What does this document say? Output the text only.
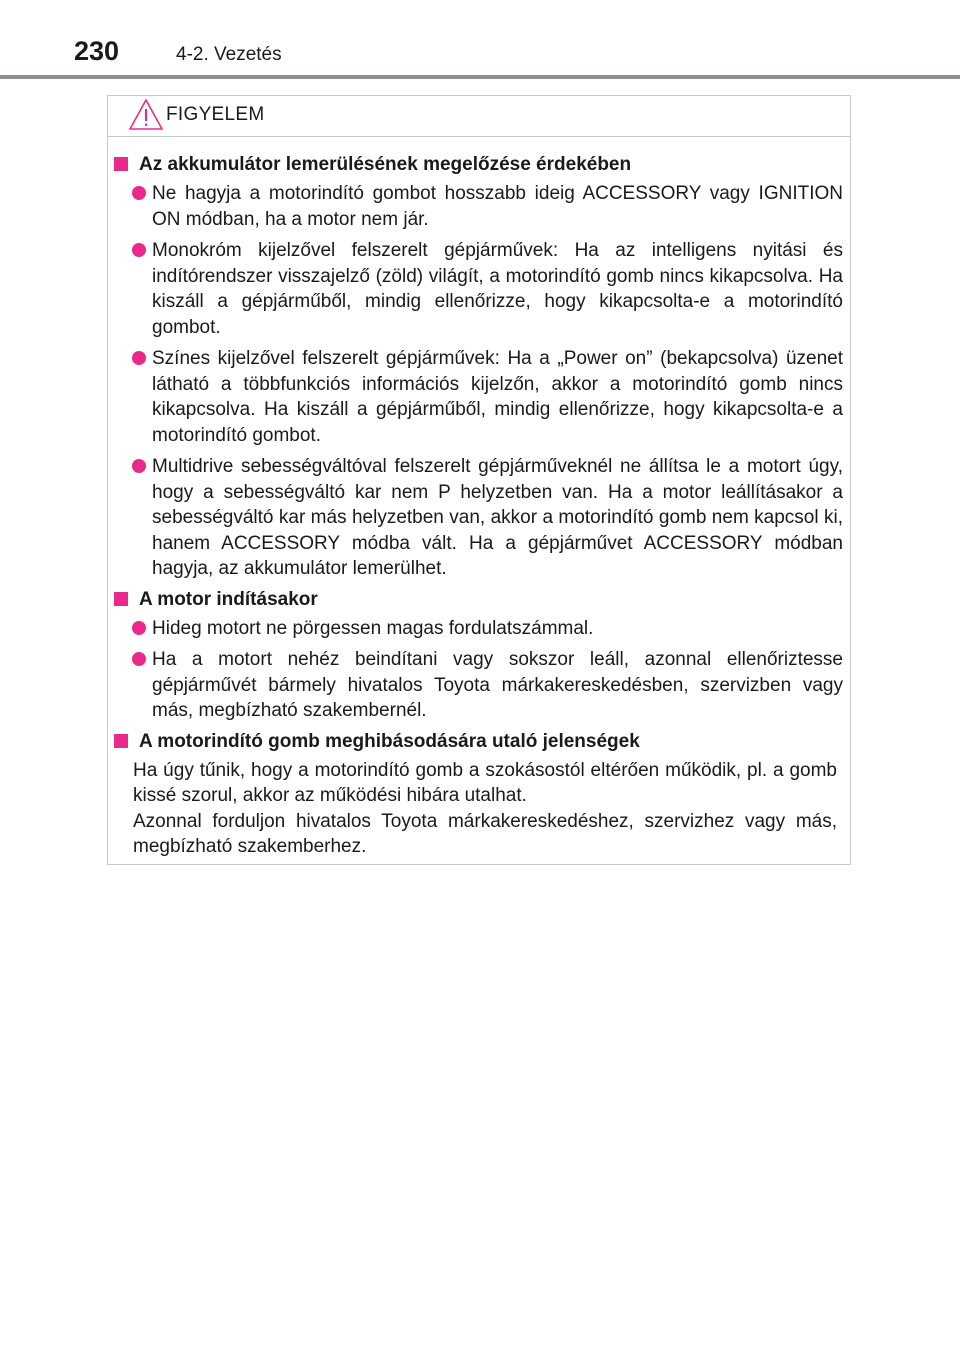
230	4-2. Vezetés
FIGYELEM
Az akkumulátor lemerülésének megelőzése érdekében
Ne hagyja a motorindító gombot hosszabb ideig ACCESSORY vagy IGNITION ON módban, ha a motor nem jár.
Monokróm kijelzővel felszerelt gépjárművek: Ha az intelligens nyitási és indítórendszer visszajelző (zöld) világít, a motorindító gomb nincs kikapcsolva. Ha kiszáll a gépjárműből, mindig ellenőrizze, hogy kikapcsolta-e a motorindító gombot.
Színes kijelzővel felszerelt gépjárművek: Ha a „Power on” (bekapcsolva) üzenet látható a többfunkciós információs kijelzőn, akkor a motorindító gomb nincs kikapcsolva. Ha kiszáll a gépjárműből, mindig ellenőrizze, hogy kikapcsolta-e a motorindító gombot.
Multidrive sebességváltóval felszerelt gépjárműveknél ne állítsa le a motort úgy, hogy a sebességváltó kar nem P helyzetben van. Ha a motor leállításakor a sebességváltó kar más helyzetben van, akkor a motorindító gomb nem kapcsol ki, hanem ACCESSORY módba vált. Ha a gépjárművet ACCESSORY módban hagyja, az akkumulátor lemerülhet.
A motor indításakor
Hideg motort ne pörgessen magas fordulatszámmal.
Ha a motort nehéz beindítani vagy sokszor leáll, azonnal ellenőriztesse gépjárművét bármely hivatalos Toyota márkakereskedésben, szervizben vagy más, megbízható szakembernél.
A motorindító gomb meghibásodására utaló jelenségek
Ha úgy tűnik, hogy a motorindító gomb a szokásostól eltérően működik, pl. a gomb kissé szorul, akkor az működési hibára utalhat.
Azonnal forduljon hivatalos Toyota márkakereskedéshez, szervizhez vagy más, megbízható szakemberhez.
